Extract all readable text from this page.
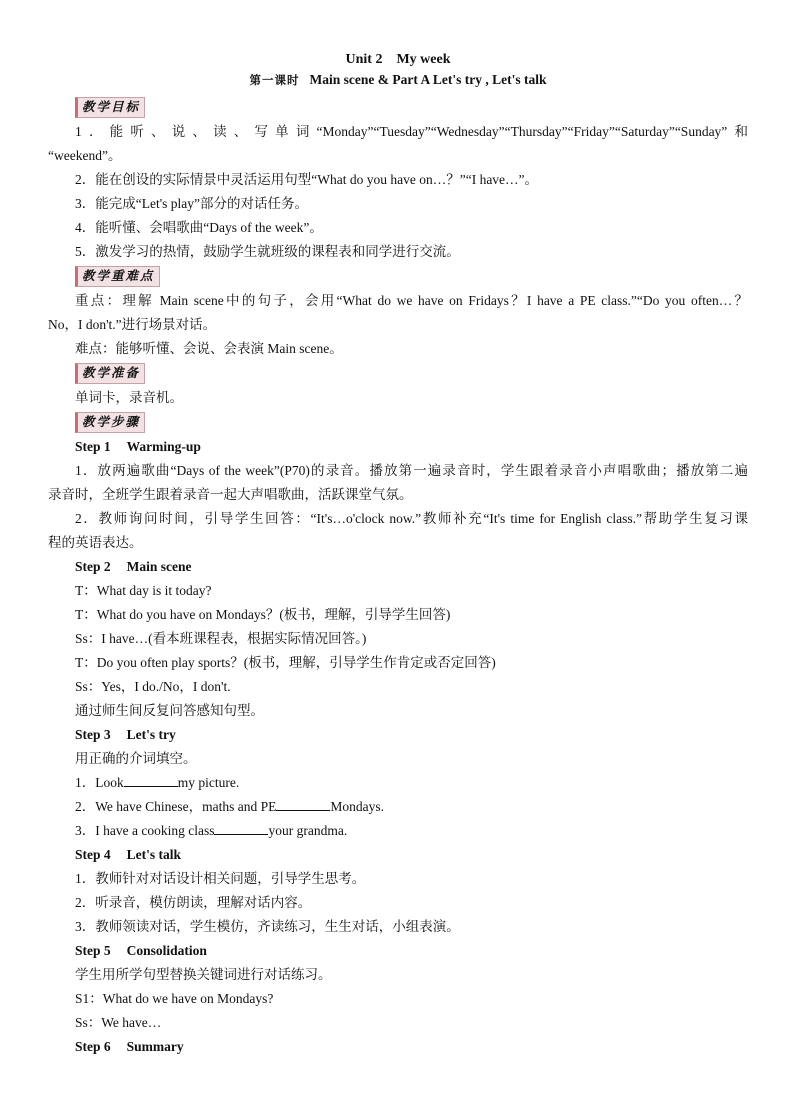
Unit 2　My week
第一课时 Main scene & Part A Let's try , Let's talk
教学目标

1．能听、说、读、写单词“Monday”“Tuesday”“Wednesday”“Thursday”“Friday”“Saturday”“Sunday”和

“weekend”。

2．能在创设的实际情景中灵活运用句型“What do you have on…？”“I have…”。

3．能完成“Let's play”部分的对话任务。

4．能听懂、会唱歌曲“Days of the week”。

5．激发学习的热情，鼓励学生就班级的课程表和同学进行交流。

教学重难点

重点：理解 Main scene中的句子，会用“What do we have on Fridays？I have a PE class.”“Do you often…？

No，I don't.”进行场景对话。

难点：能够听懂、会说、会表演 Main scene。

教学准备

单词卡，录音机。

教学步骤

Step 1 Warming-up

1．放两遍歌曲“Days of the week”(P70)的录音。播放第一遍录音时，学生跟着录音小声唱歌曲；播放第二遍

录音时，全班学生跟着录音一起大声唱歌曲，活跃课堂气氛。

2．教师询问时间，引导学生回答：“It's…o'clock now.”教师补充“It's time for English class.”帮助学生复习课

程的英语表达。

Step 2 Main scene

T：What day is it today?

T：What do you have on Mondays？(板书，理解，引导学生回答)

Ss：I have…(看本班课程表，根据实际情况回答。)

T：Do you often play sports？(板书，理解，引导学生作肯定或否定回答)

Ss：Yes，I do./No，I don't.

通过师生间反复问答感知句型。

Step 3 Let's try

用正确的介词填空。

1．Look	my picture.

2．We have Chinese，maths and PE	Mondays.

3．I have a cooking class	your grandma.

Step 4 Let's talk

1．教师针对对话设计相关问题，引导学生思考。

2．听录音，模仿朗读，理解对话内容。

3．教师领读对话，学生模仿，齐读练习，生生对话，小组表演。

Step 5 Consolidation

学生用所学句型替换关键词进行对话练习。

S1：What do we have on Mondays?

Ss：We have…

Step 6 Summary
